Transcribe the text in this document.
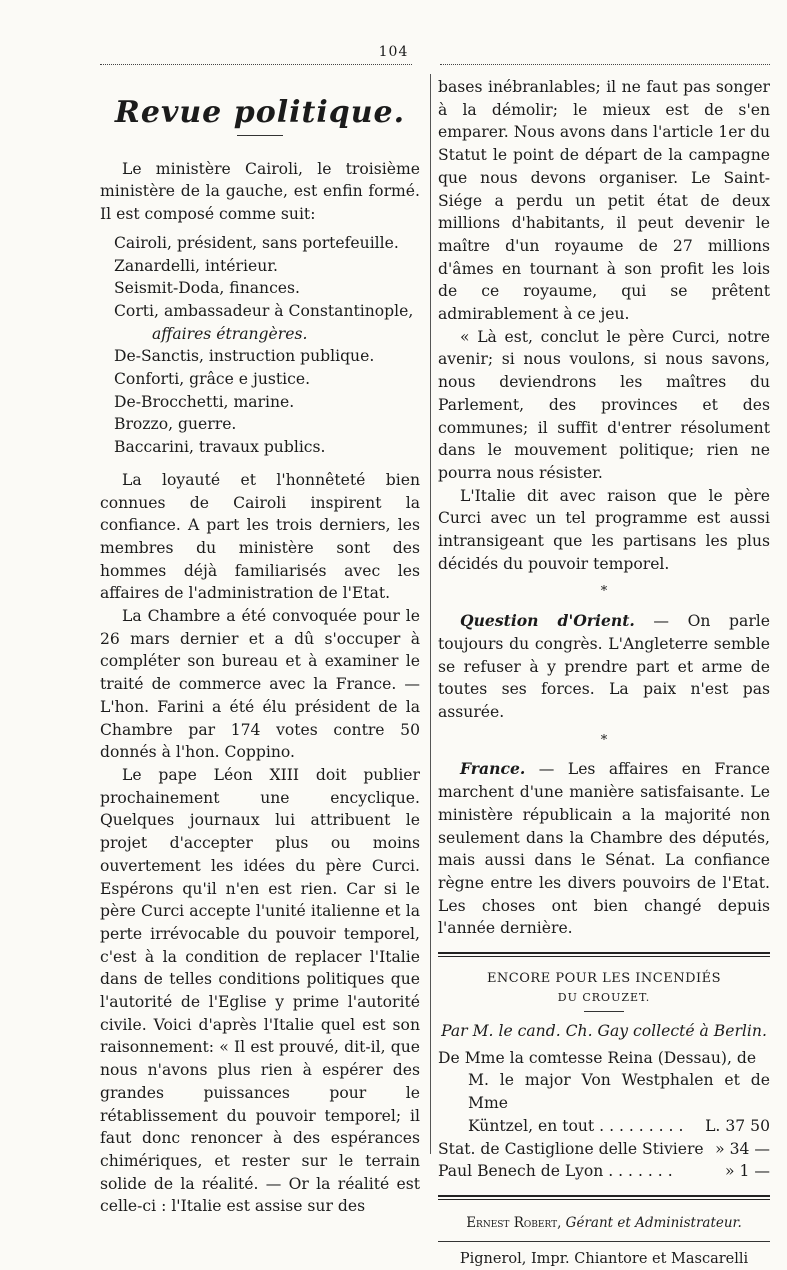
104
Revue politique.

Le ministère Cairoli, le troisième ministère de la gauche, est enfin formé. Il est composé comme suit:

Cairoli, président, sans portefeuille.
Zanardelli, intérieur.
Seismit-Doda, finances.
Corti, ambassadeur à Constantinople,
affaires étrangères.
De-Sanctis, instruction publique.
Conforti, grâce e justice.
De-Brocchetti, marine.
Brozzo, guerre.
Baccarini, travaux publics.

La loyauté et l'honnêteté bien connues de Cairoli inspirent la confiance. A part les trois derniers, les membres du ministère sont des hommes déjà familiarisés avec les affaires de l'administration de l'Etat.

La Chambre a été convoquée pour le 26 mars dernier et a dû s'occuper à compléter son bureau et à examiner le traité de commerce avec la France. — L'hon. Farini a été élu président de la Chambre par 174 votes contre 50 donnés à l'hon. Coppino.

Le pape Léon XIII doit publier prochainement une encyclique. Quelques journaux lui attribuent le projet d'accepter plus ou moins ouvertement les idées du père Curci. Espérons qu'il n'en est rien. Car si le père Curci accepte l'unité italienne et la perte irrévocable du pouvoir temporel, c'est à la condition de replacer l'Italie dans de telles conditions politiques que l'autorité de l'Eglise y prime l'autorité civile. Voici d'après l'Italie quel est son raisonnement: « Il est prouvé, dit-il, que nous n'avons plus rien à espérer des grandes puissances pour le rétablissement du pouvoir temporel; il faut donc renoncer à des espérances chimériques, et rester sur le terrain solide de la réalité. — Or la réalité est celle-ci : l'Italie est assise sur des

bases inébranlables; il ne faut pas songer à la démolir; le mieux est de s'en emparer. Nous avons dans l'article 1er du Statut le point de départ de la campagne que nous devons organiser. Le Saint-Siége a perdu un petit état de deux millions d'habitants, il peut devenir le maître d'un royaume de 27 millions d'âmes en tournant à son profit les lois de ce royaume, qui se prêtent admirablement à ce jeu.

« Là est, conclut le père Curci, notre avenir; si nous voulons, si nous savons, nous deviendrons les maîtres du Parlement, des provinces et des communes; il suffit d'entrer résolument dans le mouvement politique; rien ne pourra nous résister.

L'Italie dit avec raison que le père Curci avec un tel programme est aussi intransigeant que les partisans les plus décidés du pouvoir temporel.

*

Question d'Orient. — On parle toujours du congrès. L'Angleterre semble se refuser à y prendre part et arme de toutes ses forces. La paix n'est pas assurée.

*

France. — Les affaires en France marchent d'une manière satisfaisante. Le ministère républicain a la majorité non seulement dans la Chambre des députés, mais aussi dans le Sénat. La confiance règne entre les divers pouvoirs de l'Etat. Les choses ont bien changé depuis l'année dernière.

ENCORE POUR LES INCENDIÉS
DU CROUZET.
Par M. le cand. Ch. Gay collecté à Berlin.
De Mme la comtesse Reina (Dessau), de
M. le major Von Westphalen et de Mme
Küntzel, en tout . . . . . . . . .	L. 37 50
Stat. de Castiglione delle Stiviere » 34 —
Paul Benech de Lyon . . . . . . .	» 1 —
Ernest Robert, Gérant et Administrateur.
Pignerol, Impr. Chiantore et Mascarelli
